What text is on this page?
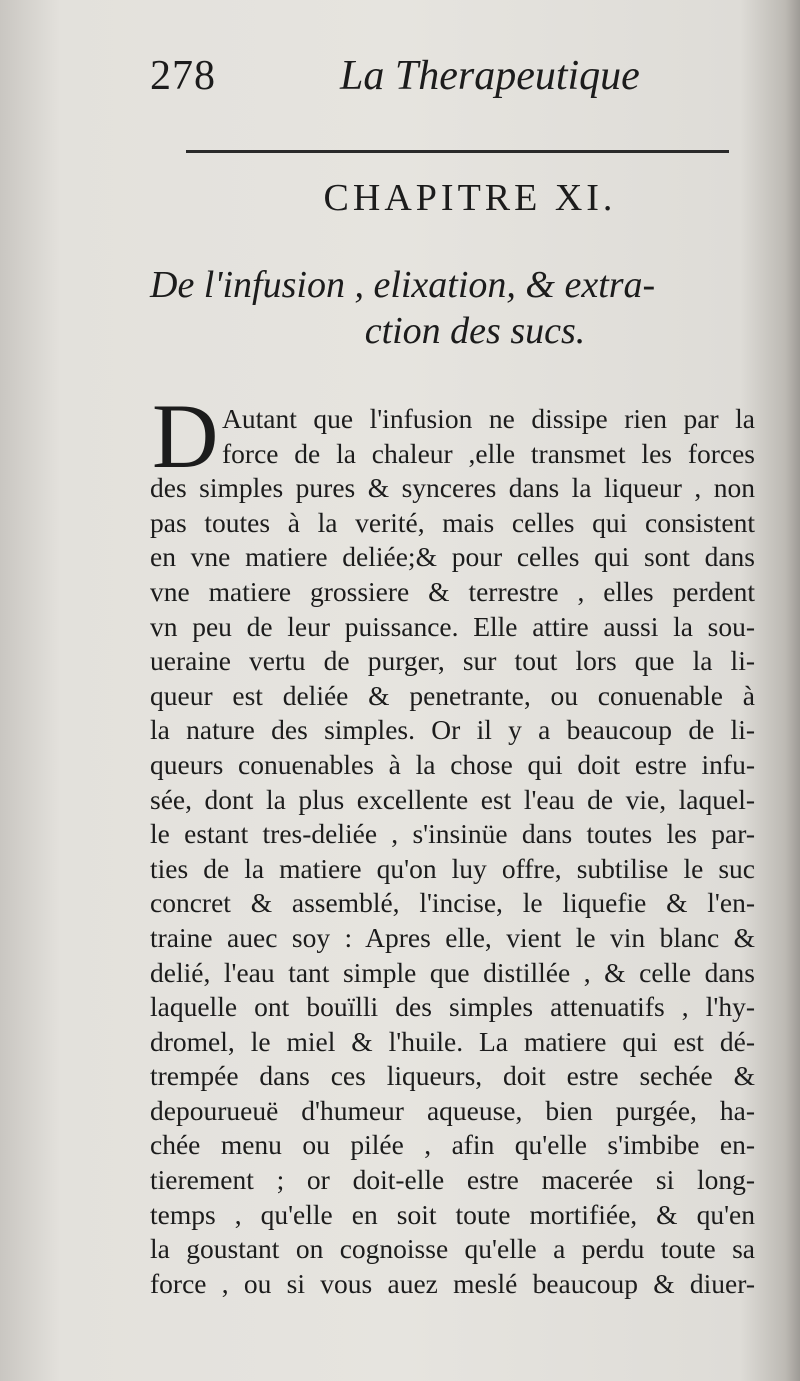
278	La Therapeutique
CHAPITRE XI.
De l'infusion , elixation, & extra-
ction des sucs.
D Autant que l'infusion ne dissipe rien par la
force de la chaleur ,elle transmet les forces
des simples pures & synceres dans la liqueur , non
pas toutes à la verité, mais celles qui consistent
en vne matiere deliée;& pour celles qui sont dans
vne matiere grossiere & terrestre , elles perdent
vn peu de leur puissance. Elle attire aussi la sou-
ueraine vertu de purger, sur tout lors que la li-
queur est deliée & penetrante, ou conuenable à
la nature des simples. Or il y a beaucoup de li-
queurs conuenables à la chose qui doit estre infu-
sée, dont la plus excellente est l'eau de vie, laquel-
le estant tres-deliée , s'insinüe dans toutes les par-
ties de la matiere qu'on luy offre, subtilise le suc
concret & assemblé, l'incise, le liquefie & l'en-
traine auec soy : Apres elle, vient le vin blanc &
delié, l'eau tant simple que distillée , & celle dans
laquelle ont bouïlli des simples attenuatifs , l'hy-
dromel, le miel & l'huile. La matiere qui est dé-
trempée dans ces liqueurs, doit estre sechée &
depourueuë d'humeur aqueuse, bien purgée, ha-
chée menu ou pilée , afin qu'elle s'imbibe en-
tierement ; or doit-elle estre macerée si long-
temps , qu'elle en soit toute mortifiée, & qu'en
la goustant on cognoisse qu'elle a perdu toute sa
force , ou si vous auez meslé beaucoup & diuer-
